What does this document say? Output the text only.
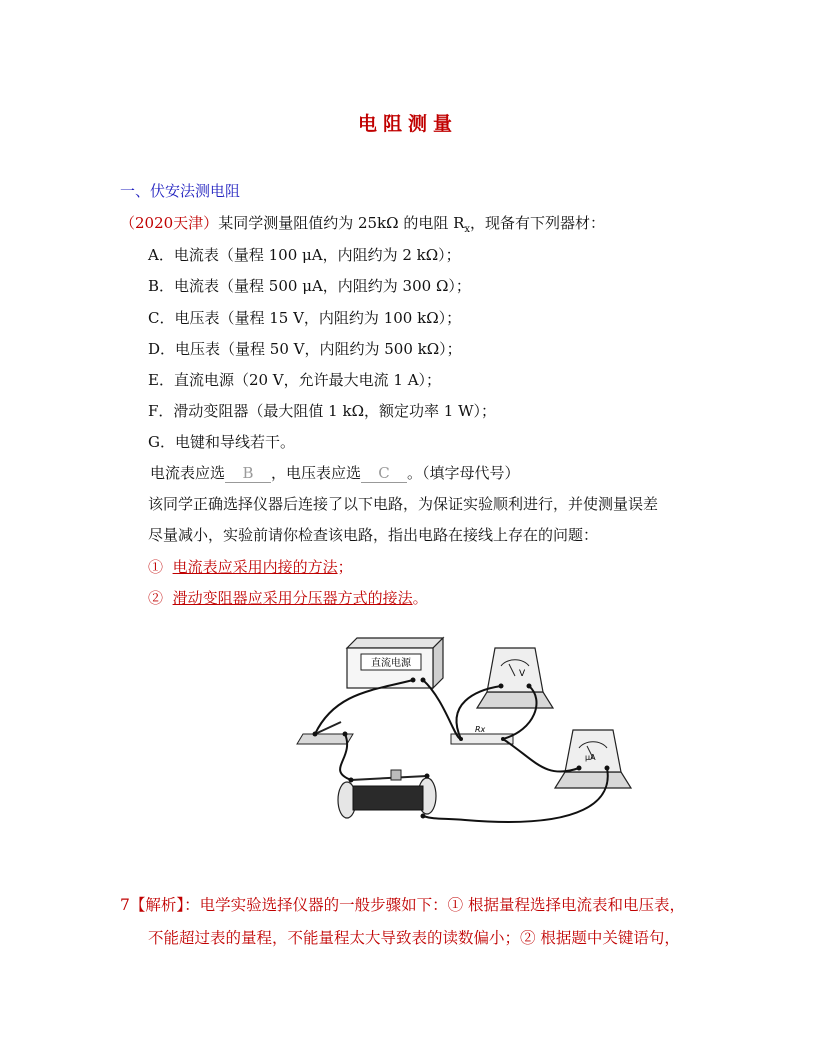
电阻测量
一、伏安法测电阻
（2020天津）某同学测量阻值约为 25kΩ 的电阻 $R_x$，现备有下列器材：
A．电流表（量程 100 μA，内阻约为 2 kΩ）；
B．电流表（量程 500 μA，内阻约为 300 Ω）；
C．电压表（量程 15 V，内阻约为 100 kΩ）；
D．电压表（量程 50 V，内阻约为 500 kΩ）；
E．直流电源（20 V，允许最大电流 1 A）；
F．滑动变阻器（最大阻值 1 kΩ，额定功率 1 W）；
G．电键和导线若干。
电流表应选 B ，电压表应选 C 。（填字母代号）
该同学正确选择仪器后连接了以下电路，为保证实验顺利进行，并使测量误差
尽量减小，实验前请你检查该电路，指出电路在接线上存在的问题：
① 电流表应采用内接的方法；
② 滑动变阻器应采用分压器方式的接法。
直流电源
V
μA
Rx
7【解析】：电学实验选择仪器的一般步骤如下：① 根据量程选择电流表和电压表，
不能超过表的量程，不能量程太大导致表的读数偏小；② 根据题中关键语句，
